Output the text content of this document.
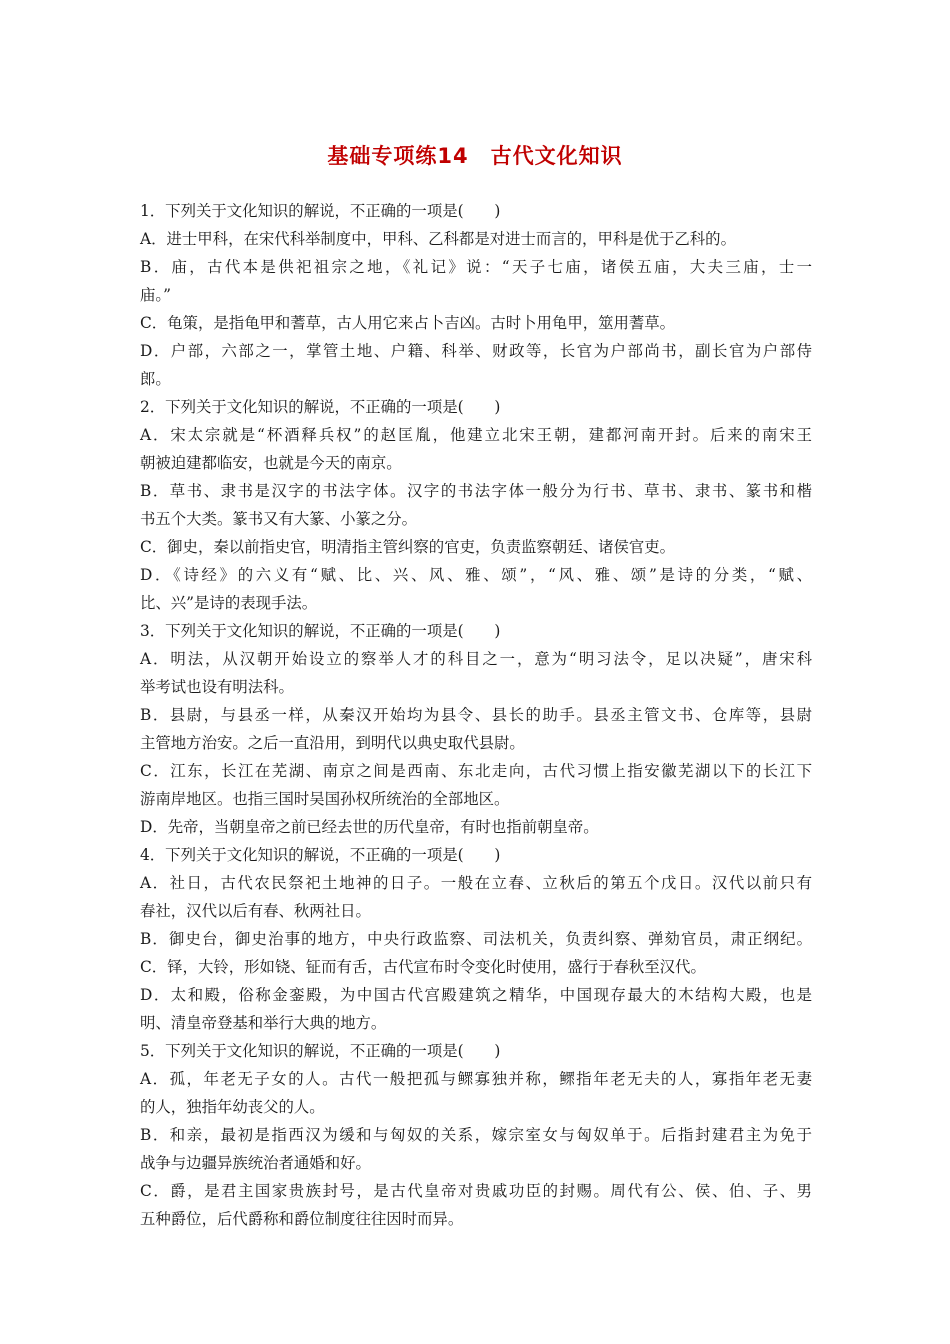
基础专项练14　古代文化知识
1．下列关于文化知识的解说，不正确的一项是(　　)
A．进士甲科，在宋代科举制度中，甲科、乙科都是对进士而言的，甲科是优于乙科的。
B．庙，古代本是供祀祖宗之地，《礼记》说：“天子七庙，诸侯五庙，大夫三庙，士一
庙。”
C．龟策，是指龟甲和蓍草，古人用它来占卜吉凶。古时卜用龟甲，筮用蓍草。
D．户部，六部之一，掌管土地、户籍、科举、财政等，长官为户部尚书，副长官为户部侍
郎。
2．下列关于文化知识的解说，不正确的一项是(　　)
A．宋太宗就是“杯酒释兵权”的赵匡胤，他建立北宋王朝，建都河南开封。后来的南宋王
朝被迫建都临安，也就是今天的南京。
B．草书、隶书是汉字的书法字体。汉字的书法字体一般分为行书、草书、隶书、篆书和楷
书五个大类。篆书又有大篆、小篆之分。
C．御史，秦以前指史官，明清指主管纠察的官吏，负责监察朝廷、诸侯官吏。
D．《诗经》的六义有“赋、比、兴、风、雅、颂”，“风、雅、颂”是诗的分类，“赋、
比、兴”是诗的表现手法。
3．下列关于文化知识的解说，不正确的一项是(　　)
A．明法，从汉朝开始设立的察举人才的科目之一，意为“明习法令，足以决疑”，唐宋科
举考试也设有明法科。
B．县尉，与县丞一样，从秦汉开始均为县令、县长的助手。县丞主管文书、仓库等，县尉
主管地方治安。之后一直沿用，到明代以典史取代县尉。
C．江东，长江在芜湖、南京之间是西南、东北走向，古代习惯上指安徽芜湖以下的长江下
游南岸地区。也指三国时吴国孙权所统治的全部地区。
D．先帝，当朝皇帝之前已经去世的历代皇帝，有时也指前朝皇帝。
4．下列关于文化知识的解说，不正确的一项是(　　)
A．社日，古代农民祭祀土地神的日子。一般在立春、立秋后的第五个戊日。汉代以前只有
春社，汉代以后有春、秋两社日。
B．御史台，御史治事的地方，中央行政监察、司法机关，负责纠察、弹劾官员，肃正纲纪。
C．铎，大铃，形如铙、钲而有舌，古代宣布时令变化时使用，盛行于春秋至汉代。
D．太和殿，俗称金銮殿，为中国古代宫殿建筑之精华，中国现存最大的木结构大殿，也是
明、清皇帝登基和举行大典的地方。
5．下列关于文化知识的解说，不正确的一项是(　　)
A．孤，年老无子女的人。古代一般把孤与鳏寡独并称，鳏指年老无夫的人，寡指年老无妻
的人，独指年幼丧父的人。
B．和亲，最初是指西汉为缓和与匈奴的关系，嫁宗室女与匈奴单于。后指封建君主为免于
战争与边疆异族统治者通婚和好。
C．爵，是君主国家贵族封号，是古代皇帝对贵戚功臣的封赐。周代有公、侯、伯、子、男
五种爵位，后代爵称和爵位制度往往因时而异。
